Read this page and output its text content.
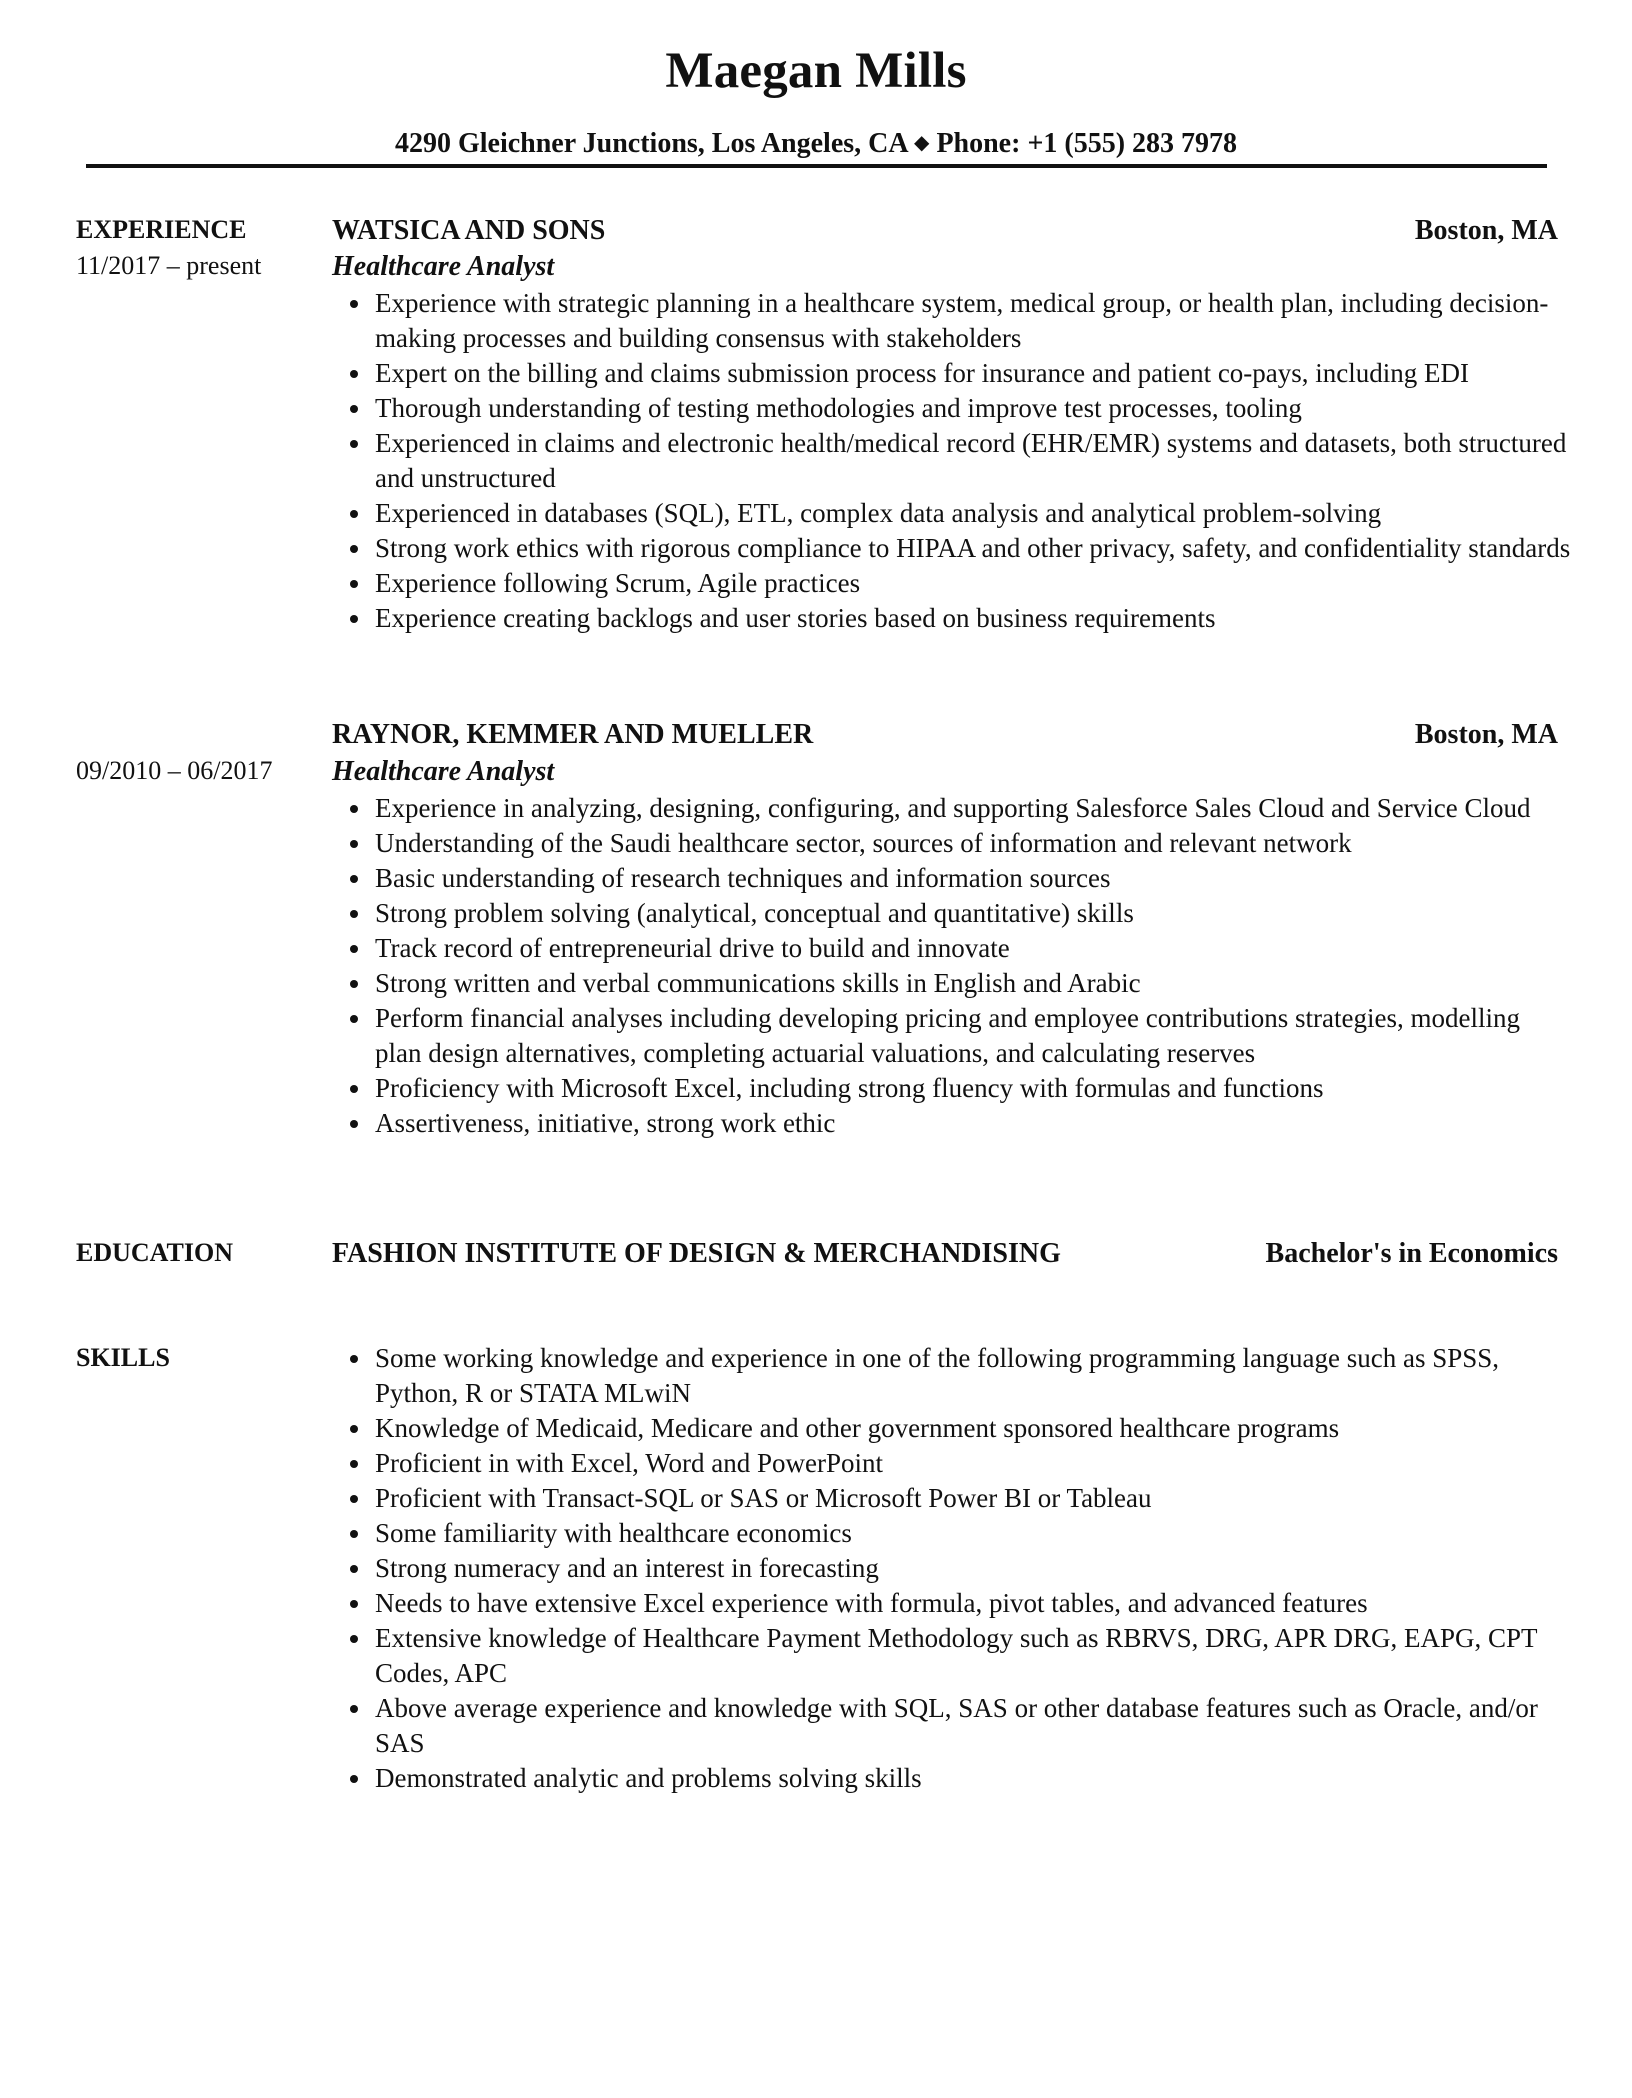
Maegan Mills
4290 Gleichner Junctions, Los Angeles, CA ◆ Phone: +1 (555) 283 7978
EXPERIENCE
11/2017 – present
WATSICA AND SONS	Boston, MA
Healthcare Analyst
Experience with strategic planning in a healthcare system, medical group, or health plan, including decision-making processes and building consensus with stakeholders
Expert on the billing and claims submission process for insurance and patient co-pays, including EDI
Thorough understanding of testing methodologies and improve test processes, tooling
Experienced in claims and electronic health/medical record (EHR/EMR) systems and datasets, both structured and unstructured
Experienced in databases (SQL), ETL, complex data analysis and analytical problem-solving
Strong work ethics with rigorous compliance to HIPAA and other privacy, safety, and confidentiality standards
Experience following Scrum, Agile practices
Experience creating backlogs and user stories based on business requirements
09/2010 – 06/2017
RAYNOR, KEMMER AND MUELLER	Boston, MA
Healthcare Analyst
Experience in analyzing, designing, configuring, and supporting Salesforce Sales Cloud and Service Cloud
Understanding of the Saudi healthcare sector, sources of information and relevant network
Basic understanding of research techniques and information sources
Strong problem solving (analytical, conceptual and quantitative) skills
Track record of entrepreneurial drive to build and innovate
Strong written and verbal communications skills in English and Arabic
Perform financial analyses including developing pricing and employee contributions strategies, modelling plan design alternatives, completing actuarial valuations, and calculating reserves
Proficiency with Microsoft Excel, including strong fluency with formulas and functions
Assertiveness, initiative, strong work ethic
EDUCATION	FASHION INSTITUTE OF DESIGN & MERCHANDISING	Bachelor's in Economics
SKILLS	Some working knowledge and experience in one of the following programming language such as SPSS, Python, R or STATA MLwiN
Knowledge of Medicaid, Medicare and other government sponsored healthcare programs
Proficient in with Excel, Word and PowerPoint
Proficient with Transact-SQL or SAS or Microsoft Power BI or Tableau
Some familiarity with healthcare economics
Strong numeracy and an interest in forecasting
Needs to have extensive Excel experience with formula, pivot tables, and advanced features
Extensive knowledge of Healthcare Payment Methodology such as RBRVS, DRG, APR DRG, EAPG, CPT Codes, APC
Above average experience and knowledge with SQL, SAS or other database features such as Oracle, and/or SAS
Demonstrated analytic and problems solving skills
